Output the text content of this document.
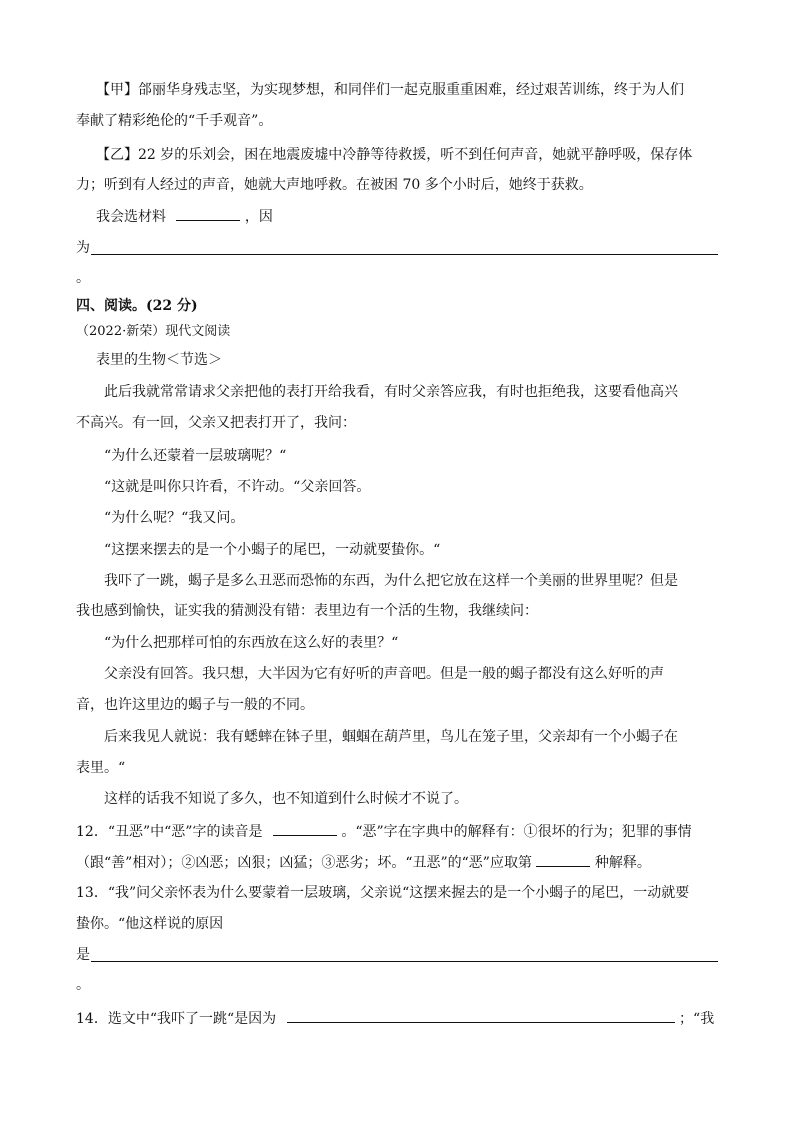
【甲】郃丽华身残志坚，为实现梦想，和同伴们一起克服重重困难，经过艰苦训练，终于为人们
奉献了精彩绝伦的“千手观音”。
【乙】22 岁的乐刘会，困在地震废墟中冷静等待救援，听不到任何声音，她就平静呼吸，保存体
力；听到有人经过的声音，她就大声地呼救。在被困 70 多个小时后，她终于获救。
我会选材料	，因
为
。
四、阅读。(22 分)
（2022·新荣）现代文阅读
表里的生物＜节选＞
此后我就常常请求父亲把他的表打开给我看，有时父亲答应我，有时也拒绝我，这要看他高兴
不高兴。有一回，父亲又把表打开了，我问：
“为什么还蒙着一层玻璃呢？“
“这就是叫你只许看，不许动。“父亲回答。
“为什么呢？“我又问。
“这摆来摆去的是一个小蝎子的尾巴，一动就要蛰你。“
我吓了一跳，蝎子是多么丑恶而恐怖的东西，为什么把它放在这样一个美丽的世界里呢？但是
我也感到愉快，证实我的猜测没有错：表里边有一个活的生物，我继续问：
“为什么把那样可怕的东西放在这么好的表里？“
父亲没有回答。我只想，大半因为它有好听的声音吧。但是一般的蝎子都没有这么好听的声
音，也许这里边的蝎子与一般的不同。
后来我见人就说：我有蟋蟀在钵子里，蝈蝈在葫芦里，鸟儿在笼子里，父亲却有一个小蝎子在
表里。“
这样的话我不知说了多久，也不知道到什么时候才不说了。
12．“丑恶”中“恶”字的读音是	。“恶”字在字典中的解释有：①很坏的行为；犯罪的事情
（跟“善”相对）；②凶恶；凶狠；凶猛；③恶劣；坏。“丑恶”的“恶”应取第	种解释。
13．“我”问父亲怀表为什么要蒙着一层玻璃，父亲说“这摆来握去的是一个小蝎子的尾巴，一动就要
蛰你。“他这样说的原因
是
。
14．选文中“我吓了一跳“是因为	；“我
